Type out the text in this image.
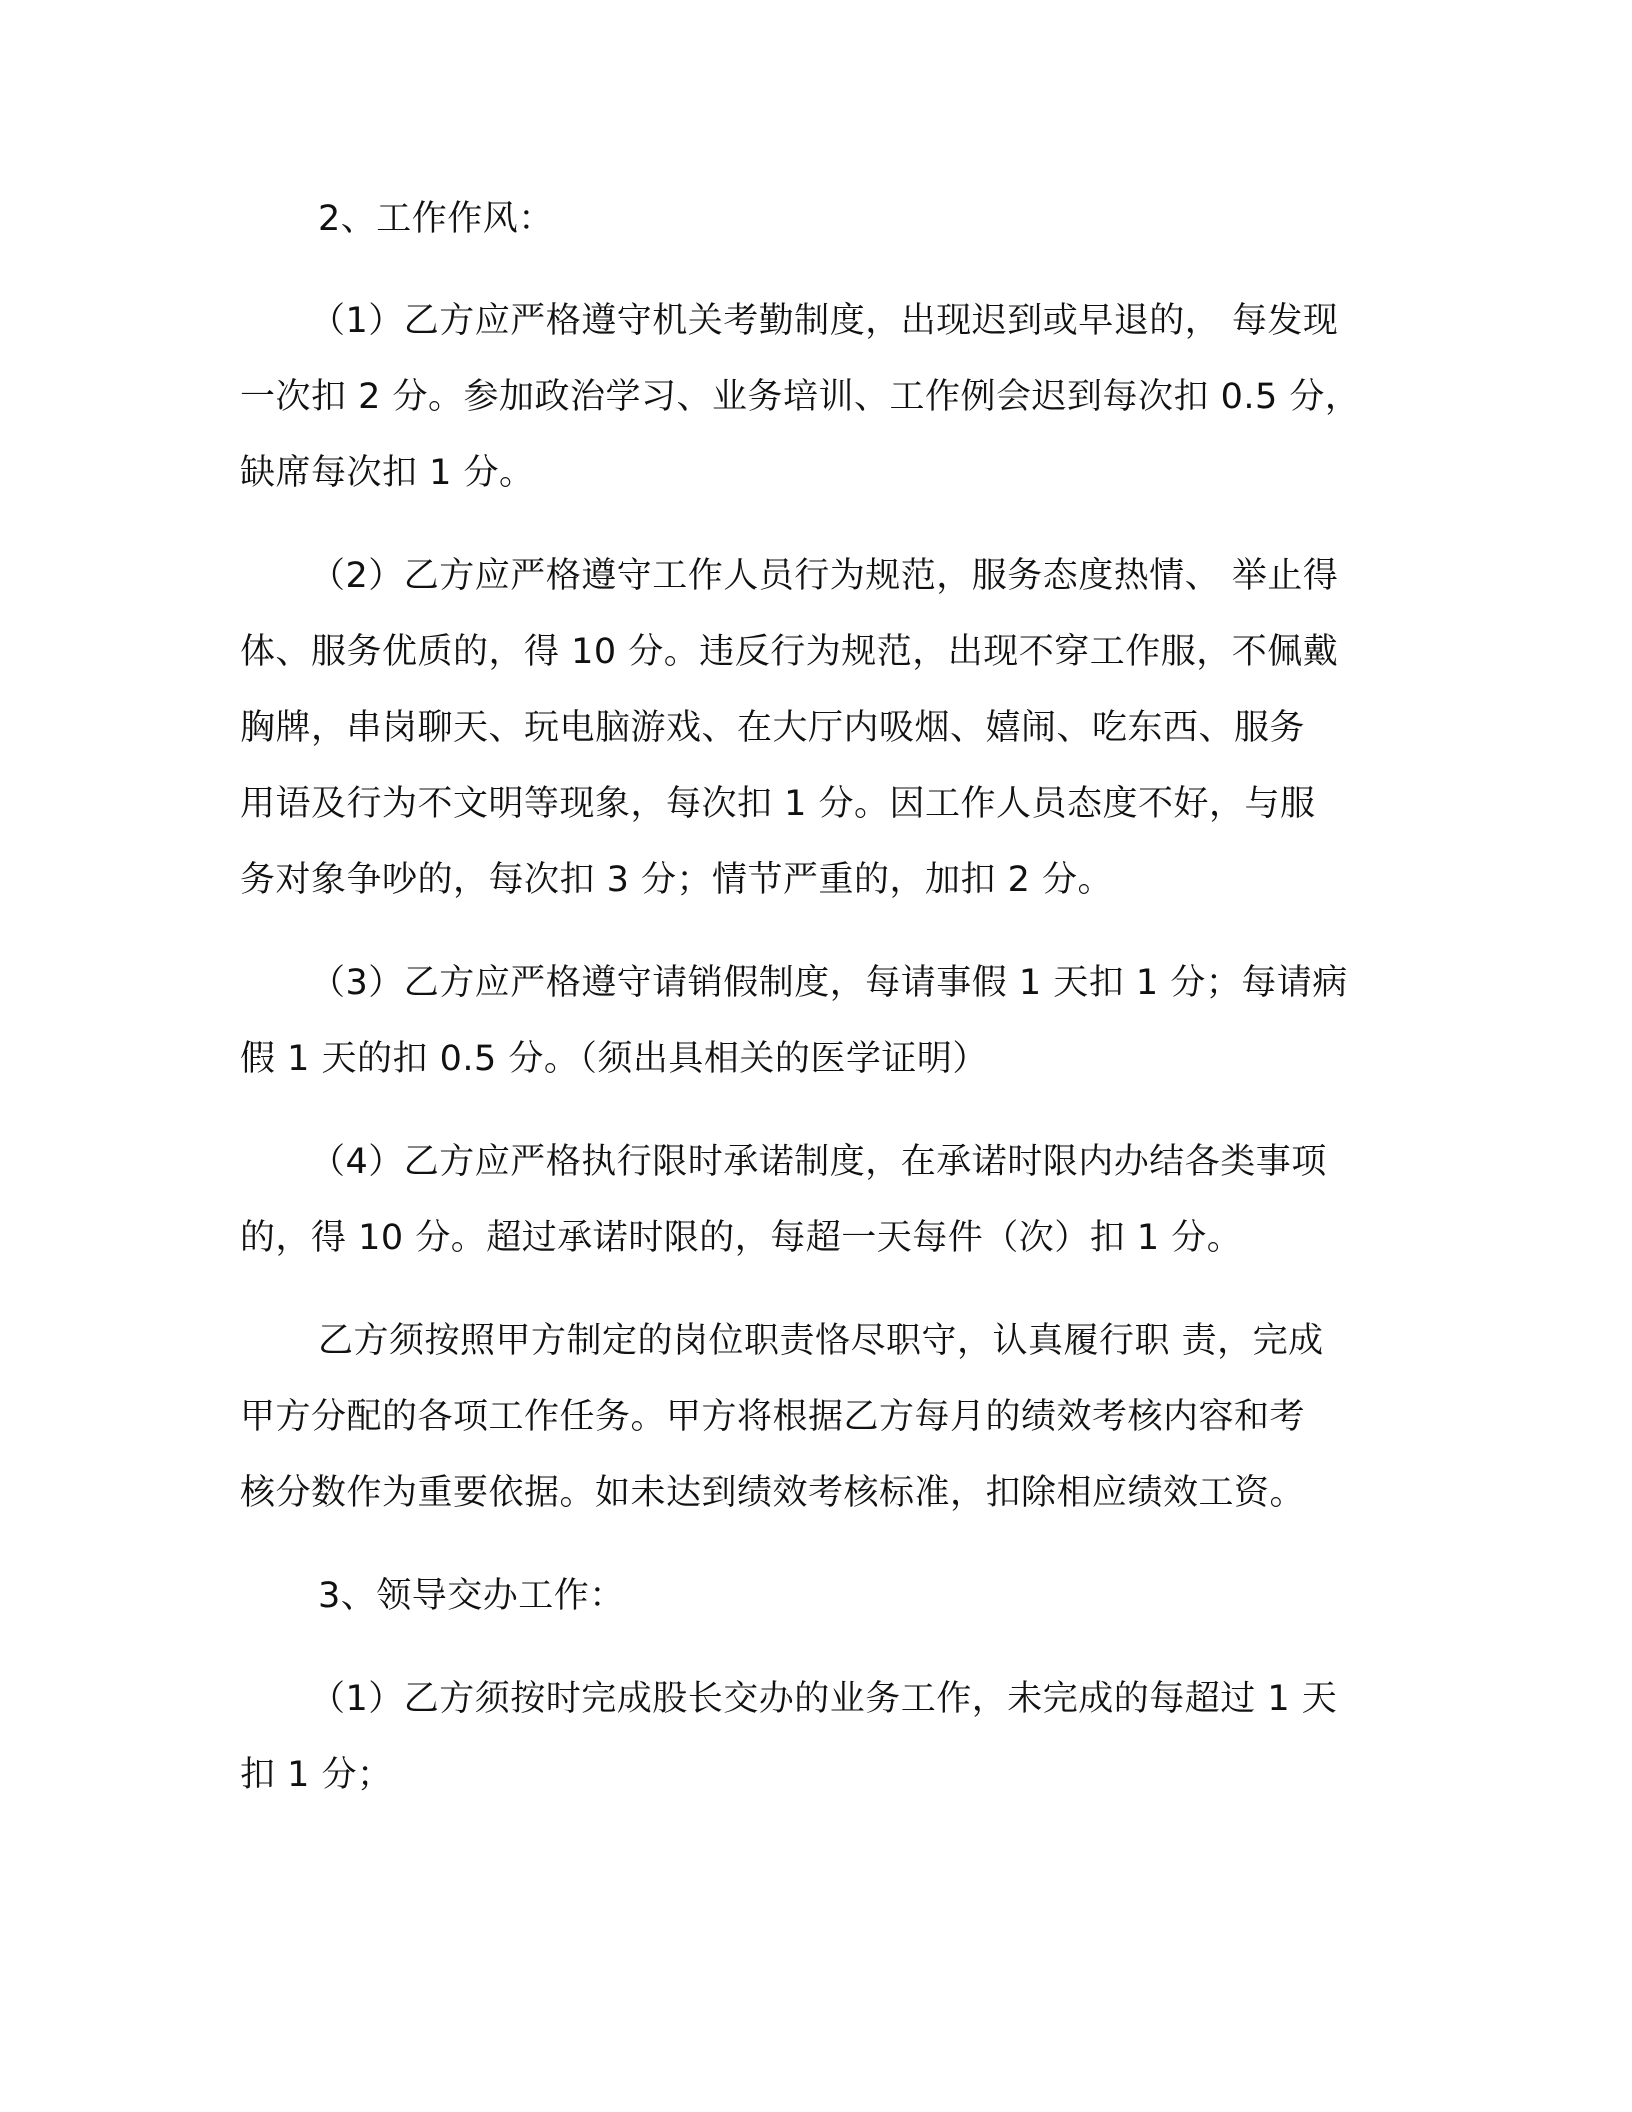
2、工作作风：

（1）乙方应严格遵守机关考勤制度，出现迟到或早退的， 每发现

一次扣 2 分。参加政治学习、业务培训、工作例会迟到每次扣 0.5 分，

缺席每次扣 1 分。

（2）乙方应严格遵守工作人员行为规范，服务态度热情、 举止得

体、服务优质的，得 10 分。违反行为规范，出现不穿工作服，不佩戴

胸牌，串岗聊天、玩电脑游戏、在大厅内吸烟、嬉闹、吃东西、服务

用语及行为不文明等现象，每次扣 1 分。因工作人员态度不好，与服

务对象争吵的，每次扣 3 分；情节严重的，加扣 2 分。

（3）乙方应严格遵守请销假制度，每请事假 1 天扣 1 分；每请病

假 1 天的扣 0.5 分。（须出具相关的医学证明）

（4）乙方应严格执行限时承诺制度，在承诺时限内办结各类事项

的，得 10 分。超过承诺时限的，每超一天每件（次）扣 1 分。

乙方须按照甲方制定的岗位职责恪尽职守，认真履行职 责，完成

甲方分配的各项工作任务。甲方将根据乙方每月的绩效考核内容和考

核分数作为重要依据。如未达到绩效考核标准，扣除相应绩效工资。

3、领导交办工作：

（1）乙方须按时完成股长交办的业务工作，未完成的每超过 1 天

扣 1 分；
